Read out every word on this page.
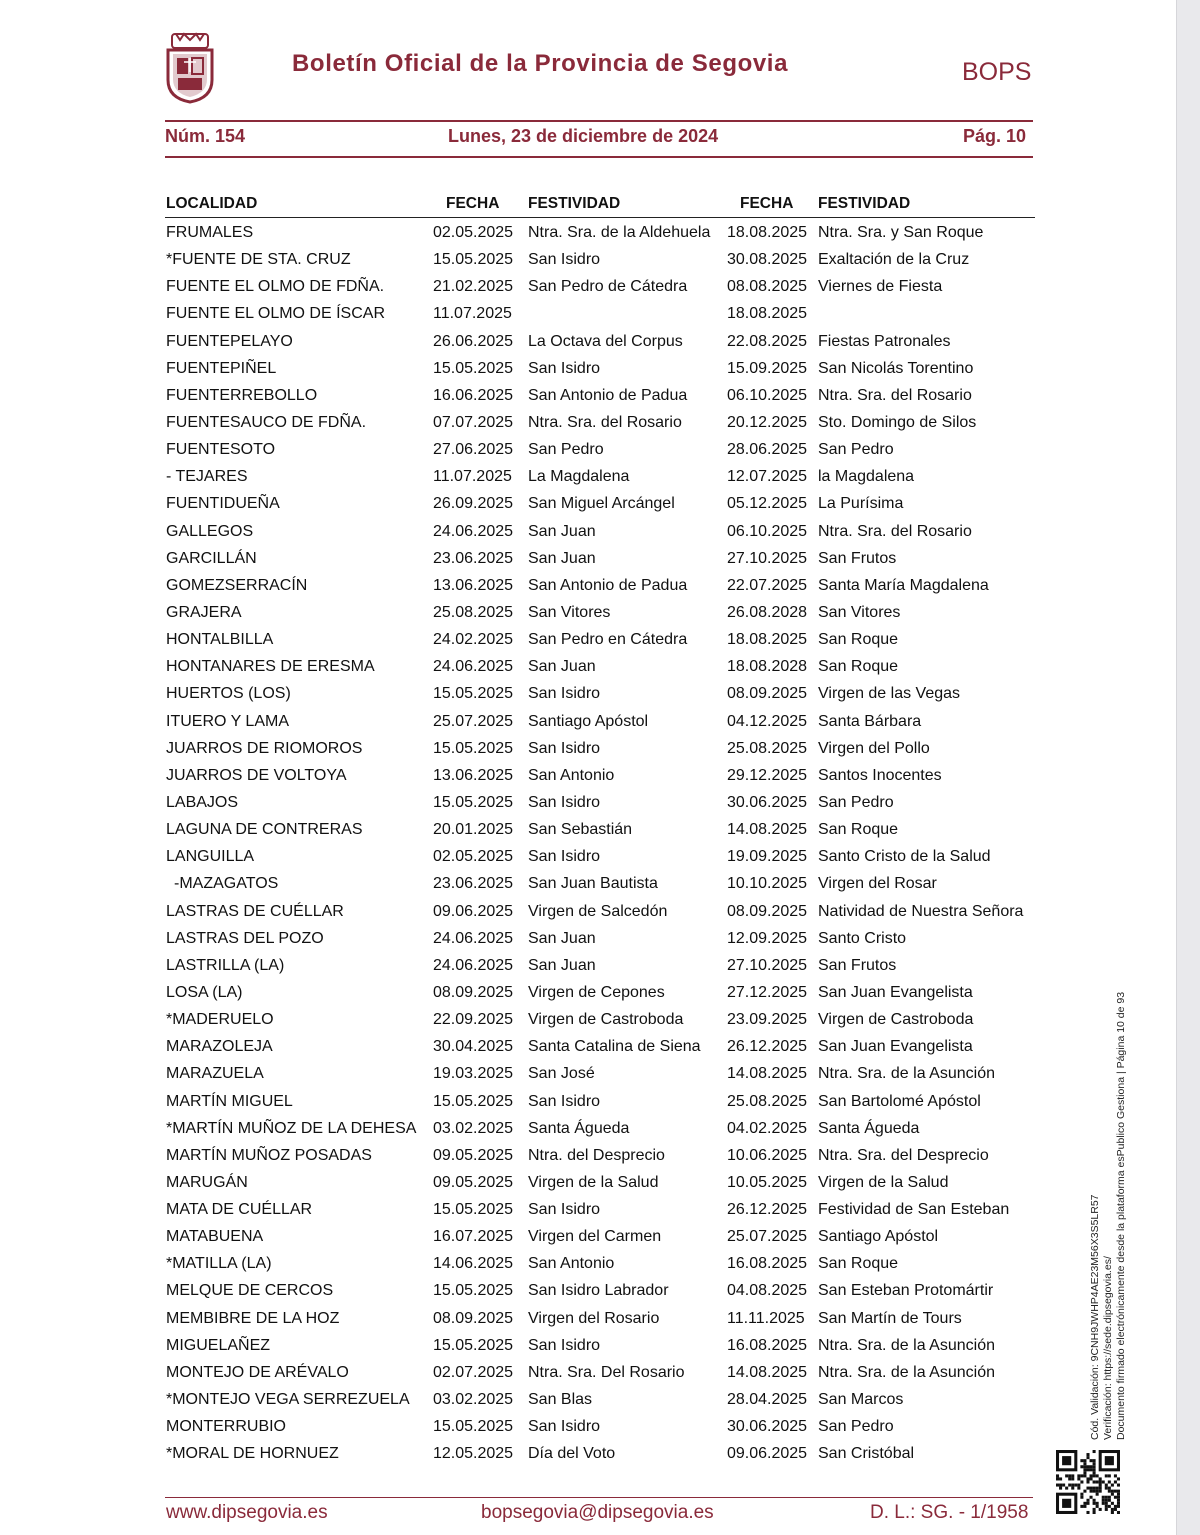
Boletín Oficial de la Provincia de Segovia	BOPS
Núm. 154	Lunes, 23 de diciembre de 2024	Pág. 10
LOCALIDAD	FECHA FESTIVIDAD	FECHA FESTIVIDAD
FRUMALES	02.05.2025 Ntra. Sra. de la Aldehuela 18.08.2025 Ntra. Sra. y San Roque
*FUENTE DE STA. CRUZ	15.05.2025 San Isidro	30.08.2025 Exaltación de la Cruz
FUENTE EL OLMO DE FDÑA.	21.02.2025 San Pedro de Cátedra 08.08.2025 Viernes de Fiesta
FUENTE EL OLMO DE ÍSCAR	11.07.2025	18.08.2025
FUENTEPELAYO	26.06.2025 La Octava del Corpus	22.08.2025 Fiestas Patronales
FUENTEPIÑEL	15.05.2025 San Isidro	15.09.2025 San Nicolás Torentino
FUENTERREBOLLO	16.06.2025 San Antonio de Padua 06.10.2025 Ntra. Sra. del Rosario
FUENTESAUCO DE FDÑA.	07.07.2025 Ntra. Sra. del Rosario	20.12.2025 Sto. Domingo de Silos
FUENTESOTO	27.06.2025 San Pedro	28.06.2025 San Pedro
- TEJARES	11.07.2025 La Magdalena	12.07.2025 la Magdalena
FUENTIDUEÑA	26.09.2025 San Miguel Arcángel	05.12.2025 La Purísima
GALLEGOS	24.06.2025 San Juan	06.10.2025 Ntra. Sra. del Rosario
GARCILLÁN	23.06.2025 San Juan	27.10.2025 San Frutos
GOMEZSERRACÍN	13.06.2025 San Antonio de Padua 22.07.2025 Santa María Magdalena
GRAJERA	25.08.2025 San Vitores	26.08.2028 San Vitores
HONTALBILLA	24.02.2025 San Pedro en Cátedra 18.08.2025 San Roque
HONTANARES DE ERESMA	24.06.2025 San Juan	18.08.2028 San Roque
HUERTOS (LOS)	15.05.2025 San Isidro	08.09.2025 Virgen de las Vegas
ITUERO Y LAMA	25.07.2025 Santiago Apóstol	04.12.2025 Santa Bárbara
JUARROS DE RIOMOROS	15.05.2025 San Isidro	25.08.2025 Virgen del Pollo
JUARROS DE VOLTOYA	13.06.2025 San Antonio	29.12.2025 Santos Inocentes
LABAJOS	15.05.2025 San Isidro	30.06.2025 San Pedro
LAGUNA DE CONTRERAS	20.01.2025 San Sebastián	14.08.2025 San Roque
LANGUILLA	02.05.2025 San Isidro	19.09.2025 Santo Cristo de la Salud
-MAZAGATOS	23.06.2025 San Juan Bautista	10.10.2025 Virgen del Rosar
LASTRAS DE CUÉLLAR	09.06.2025 Virgen de Salcedón	08.09.2025 Natividad de Nuestra Señora
LASTRAS DEL POZO	24.06.2025 San Juan	12.09.2025 Santo Cristo
LASTRILLA (LA)	24.06.2025 San Juan	27.10.2025 San Frutos
LOSA (LA)	08.09.2025 Virgen de Cepones	27.12.2025 San Juan Evangelista
*MADERUELO	22.09.2025 Virgen de Castroboda	23.09.2025 Virgen de Castroboda
MARAZOLEJA	30.04.2025 Santa Catalina de Siena 26.12.2025 San Juan Evangelista
MARAZUELA	19.03.2025 San José	14.08.2025 Ntra. Sra. de la Asunción
MARTÍN MIGUEL	15.05.2025 San Isidro	25.08.2025 San Bartolomé Apóstol
*MARTÍN MUÑOZ DE LA DEHESA 03.02.2025 Santa Águeda	04.02.2025 Santa Águeda
MARTÍN MUÑOZ POSADAS	09.05.2025 Ntra. del Desprecio	10.06.2025 Ntra. Sra. del Desprecio
MARUGÁN	09.05.2025 Virgen de la Salud	10.05.2025 Virgen de la Salud
MATA DE CUÉLLAR	15.05.2025 San Isidro	26.12.2025 Festividad de San Esteban
MATABUENA	16.07.2025 Virgen del Carmen	25.07.2025 Santiago Apóstol
*MATILLA (LA)	14.06.2025 San Antonio	16.08.2025 San Roque
MELQUE DE CERCOS	15.05.2025 San Isidro Labrador	04.08.2025 San Esteban Protomártir
MEMBIBRE DE LA HOZ	08.09.2025 Virgen del Rosario	11.11.2025 San Martín de Tours
MIGUELAÑEZ	15.05.2025 San Isidro	16.08.2025 Ntra. Sra. de la Asunción
MONTEJO DE ARÉVALO	02.07.2025 Ntra. Sra. Del Rosario	14.08.2025 Ntra. Sra. de la Asunción
*MONTEJO VEGA SERREZUELA 03.02.2025 San Blas	28.04.2025 San Marcos
MONTERRUBIO	15.05.2025 San Isidro	30.06.2025 San Pedro
*MORAL DE HORNUEZ	12.05.2025 Día del Voto	09.06.2025 San Cristóbal
Cód. Validación: 9CNH9JWHP4AE23M56X3S5LR57 Verificación: https://sede.dipsegovia.es/ Documento firmado electrónicamente desde la plataforma esPublico Gestiona | Página 10 de 93
www.dipsegovia.es	bopsegovia@dipsegovia.es	D. L.: SG. - 1/1958
